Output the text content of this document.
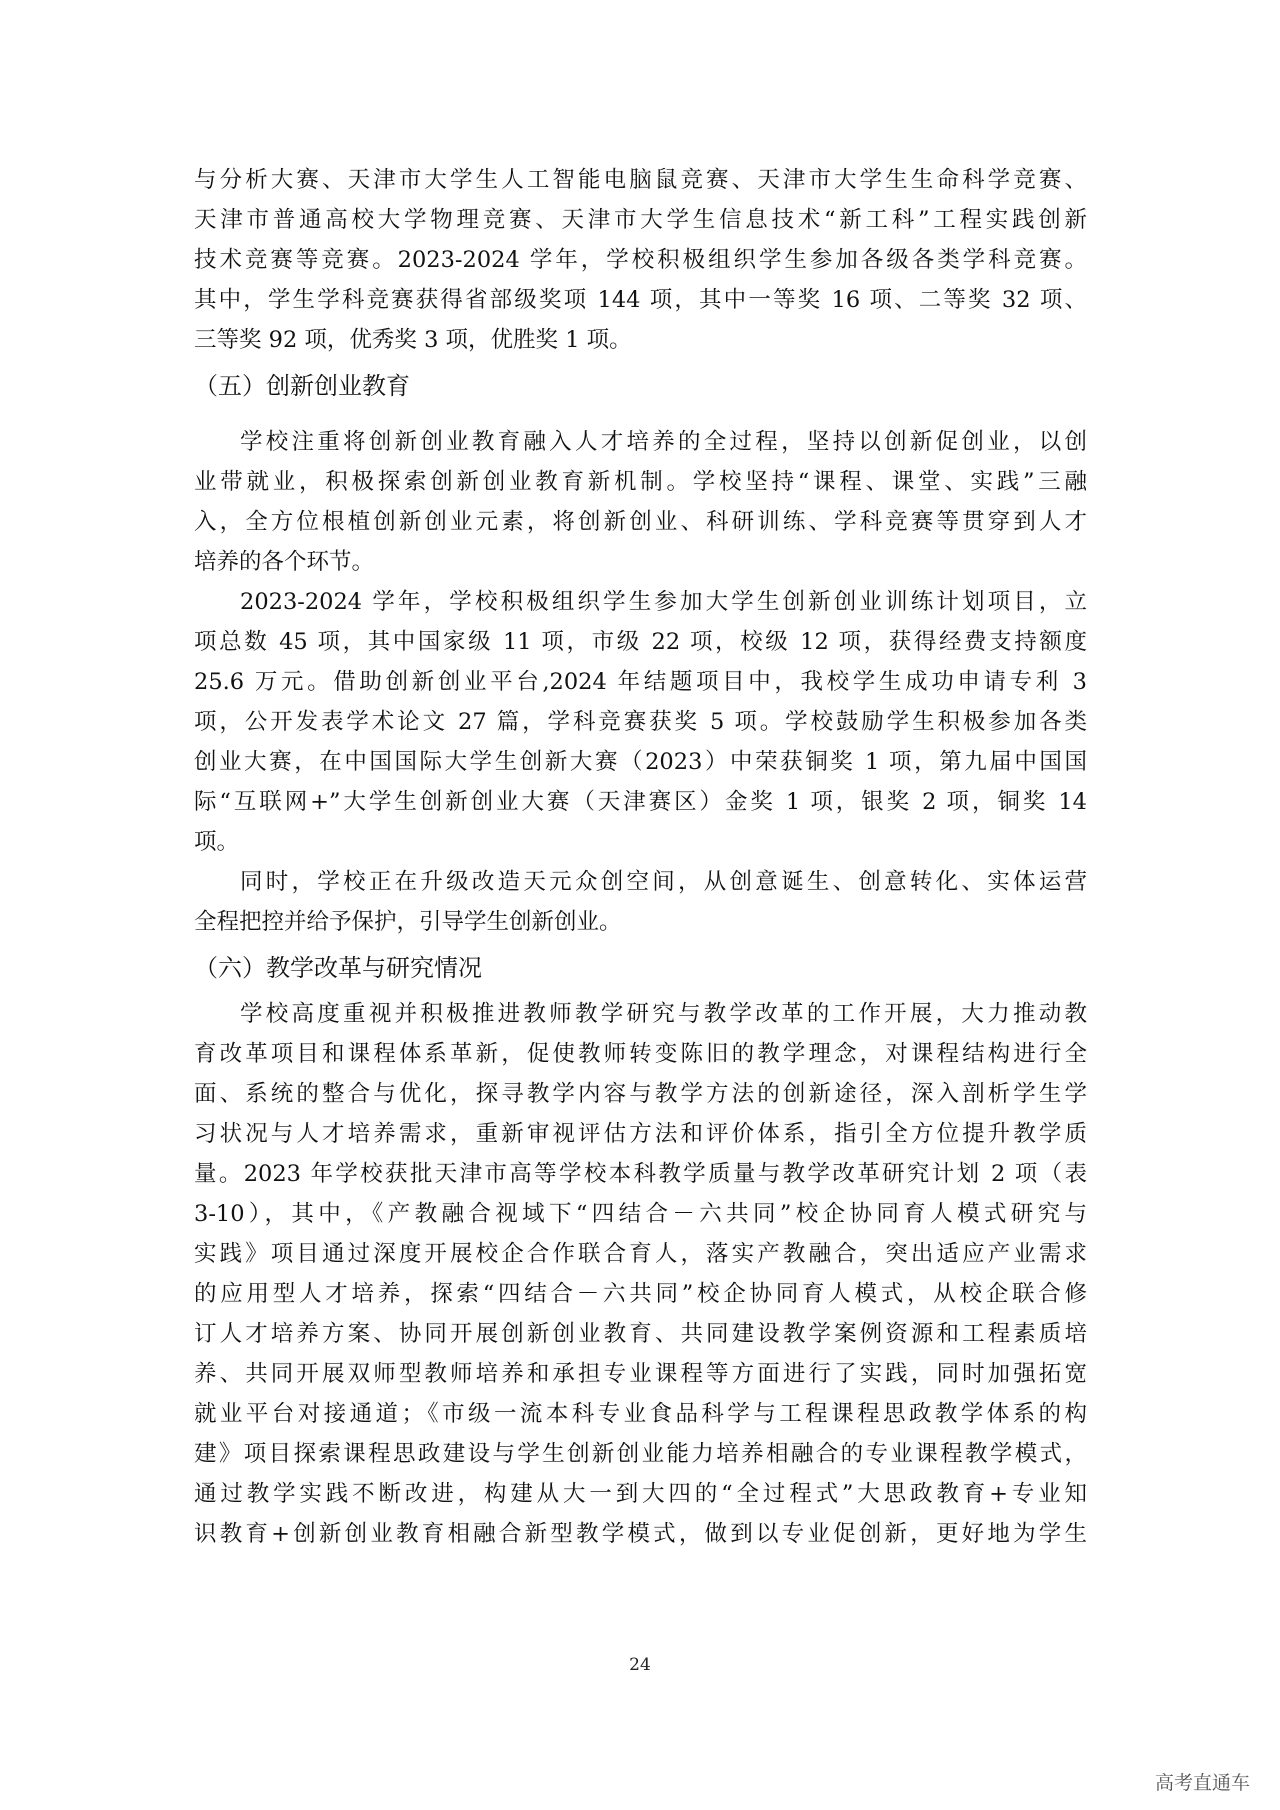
与分析大赛、天津市大学生人工智能电脑鼠竞赛、天津市大学生生命科学竞赛、
天津市普通高校大学物理竞赛、天津市大学生信息技术“新工科”工程实践创新
技术竞赛等竞赛。2023-2024 学年，学校积极组织学生参加各级各类学科竞赛。
其中，学生学科竞赛获得省部级奖项 144 项，其中一等奖 16 项、二等奖 32 项、
三等奖 92 项，优秀奖 3 项，优胜奖 1 项。
（五）创新创业教育
学校注重将创新创业教育融入人才培养的全过程，坚持以创新促创业，以创
业带就业，积极探索创新创业教育新机制。学校坚持“课程、课堂、实践”三融
入，全方位根植创新创业元素，将创新创业、科研训练、学科竞赛等贯穿到人才
培养的各个环节。
2023-2024 学年，学校积极组织学生参加大学生创新创业训练计划项目，立
项总数 45 项，其中国家级 11 项，市级 22 项，校级 12 项，获得经费支持额度
25.6 万元。借助创新创业平台,2024 年结题项目中，我校学生成功申请专利 3
项，公开发表学术论文 27 篇，学科竞赛获奖 5 项。学校鼓励学生积极参加各类
创业大赛，在中国国际大学生创新大赛（2023）中荣获铜奖 1 项，第九届中国国
际“互联网+”大学生创新创业大赛（天津赛区）金奖 1 项，银奖 2 项，铜奖 14
项。
同时，学校正在升级改造天元众创空间，从创意诞生、创意转化、实体运营
全程把控并给予保护，引导学生创新创业。
（六）教学改革与研究情况
学校高度重视并积极推进教师教学研究与教学改革的工作开展，大力推动教
育改革项目和课程体系革新，促使教师转变陈旧的教学理念，对课程结构进行全
面、系统的整合与优化，探寻教学内容与教学方法的创新途径，深入剖析学生学
习状况与人才培养需求，重新审视评估方法和评价体系，指引全方位提升教学质
量。2023 年学校获批天津市高等学校本科教学质量与教学改革研究计划 2 项（表
3-10），其中，《产教融合视域下“四结合－六共同”校企协同育人模式研究与
实践》项目通过深度开展校企合作联合育人，落实产教融合，突出适应产业需求
的应用型人才培养，探索“四结合－六共同”校企协同育人模式，从校企联合修
订人才培养方案、协同开展创新创业教育、共同建设教学案例资源和工程素质培
养、共同开展双师型教师培养和承担专业课程等方面进行了实践，同时加强拓宽
就业平台对接通道；《市级一流本科专业食品科学与工程课程思政教学体系的构
建》项目探索课程思政建设与学生创新创业能力培养相融合的专业课程教学模式，
通过教学实践不断改进，构建从大一到大四的“全过程式”大思政教育+专业知
识教育+创新创业教育相融合新型教学模式，做到以专业促创新，更好地为学生
24
高考直通车
